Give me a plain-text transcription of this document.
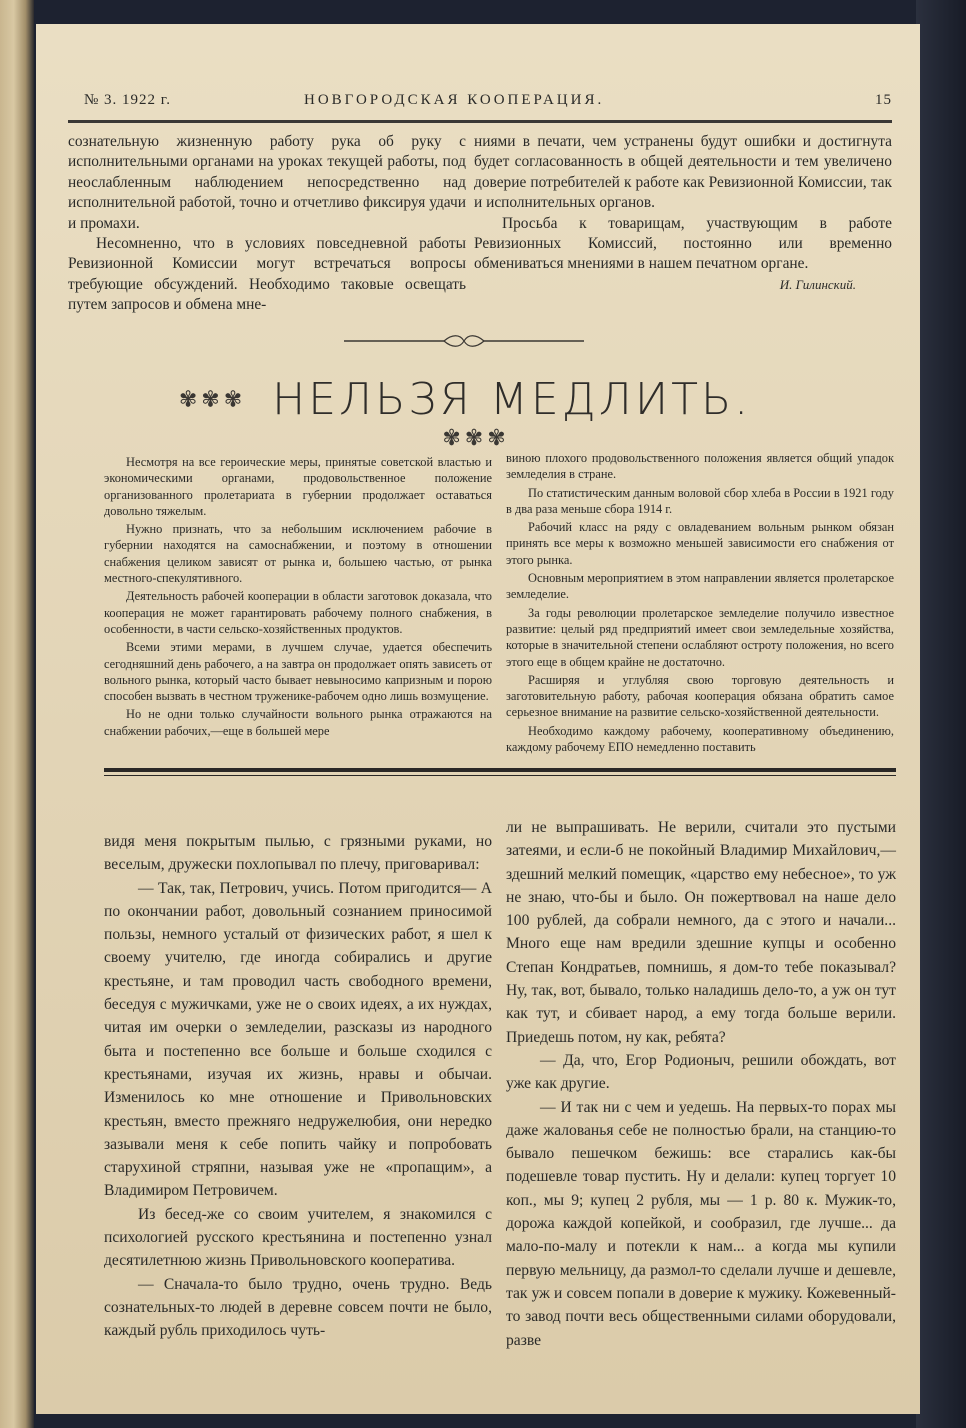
№ 3. 1922 г.	НОВГОРОДСКАЯ КООПЕРАЦИЯ.	15

сознательную жизненную работу рука об руку с исполнительными органами на уроках текущей работы, под неослабленным наблюдением непосредственно над исполнительной работой, точно и отчетливо фиксируя удачи и промахи.

Несомненно, что в условиях повседневной работы Ревизионной Комиссии могут встречаться вопросы требующие обсуждений. Необходимо таковые освещать путем запросов и обмена мне-

ниями в печати, чем устранены будут ошибки и достигнута будет согласованность в общей деятельности и тем увеличено доверие потребителей к работе как Ревизионной Комиссии, так и исполнительных органов.

Просьба к товарищам, участвующим в работе Ревизионных Комиссий, постоянно или временно обмениваться мнениями в нашем печатном органе.

И. Гилинский.
✾✾✾ НЕЛЬЗЯ МЕДЛИТЬ. ✾✾✾

Несмотря на все героические меры, принятые советской властью и экономическими органами, продовольственное положение организованного пролетариата в губернии продолжает оставаться довольно тяжелым.

Нужно признать, что за небольшим исключением рабочие в губернии находятся на самоснабжении, и поэтому в отношении снабжения целиком зависят от рынка и, большею частью, от рынка местного-спекулятивного.

Деятельность рабочей кооперации в области заготовок доказала, что кооперация не может гарантировать рабочему полного снабжения, в особенности, в части сельско-хозяйственных продуктов.

Всеми этими мерами, в лучшем случае, удается обеспечить сегодняшний день рабочего, а на завтра он продолжает опять зависеть от вольного рынка, который часто бывает невыносимо капризным и порою способен вызвать в честном труженике-рабочем одно лишь возмущение.

Но не одни только случайности вольного рынка отражаются на снабжении рабочих,—еще в большей мере

виною плохого продовольственного положения является общий упадок земледелия в стране.

По статистическим данным воловой сбор хлеба в России в 1921 году в два раза меньше сбора 1914 г.

Рабочий класс на ряду с овладеванием вольным рынком обязан принять все меры к возможно меньшей зависимости его снабжения от этого рынка.

Основным мероприятием в этом направлении является пролетарское земледелие.

За годы революции пролетарское земледелие получило известное развитие: целый ряд предприятий имеет свои земледельные хозяйства, которые в значительной степени ослабляют остроту положения, но всего этого еще в общем крайне не достаточно.

Расширяя и углубляя свою торговую деятельность и заготовительную работу, рабочая кооперация обязана обратить самое серьезное внимание на развитие сельско-хозяйственной деятельности.

Необходимо каждому рабочему, кооперативному объединению, каждому рабочему ЕПО немедленно поставить

видя меня покрытым пылью, с грязными руками, но веселым, дружески похлопывал по плечу, приговаривал:

— Так, так, Петрович, учись. Потом пригодится— А по окончании работ, довольный сознанием приносимой пользы, немного усталый от физических работ, я шел к своему учителю, где иногда собирались и другие крестьяне, и там проводил часть свободного времени, беседуя с мужичками, уже не о своих идеях, а их нуждах, читая им очерки о земледелии, разсказы из народного быта и постепенно все больше и больше сходился с крестьянами, изучая их жизнь, нравы и обычаи. Изменилось ко мне отношение и Привольновских крестьян, вместо прежняго недружелюбия, они нередко зазывали меня к себе попить чайку и попробовать старухиной стряпни, называя уже не «пропащим», а Владимиром Петровичем.

Из бесед-же со своим учителем, я знакомился с психологией русского крестьянина и постепенно узнал десятилетнюю жизнь Привольновского кооператива.

— Сначала-то было трудно, очень трудно. Ведь сознательных-то людей в деревне совсем почти не было, каждый рубль приходилось чуть-

ли не выпрашивать. Не верили, считали это пустыми затеями, и если-б не покойный Владимир Михайлович,—здешний мелкий помещик, «царство ему небесное», то уж не знаю, что-бы и было. Он пожертвовал на наше дело 100 рублей, да собрали немного, да с этого и начали... Много еще нам вредили здешние купцы и особенно Степан Кондратьев, помнишь, я дом-то тебе показывал? Ну, так, вот, бывало, только наладишь дело-то, а уж он тут как тут, и сбивает народ, а ему тогда больше верили. Приедешь потом, ну как, ребята?

— Да, что, Егор Родионыч, решили обождать, вот уже как другие.

— И так ни с чем и уедешь. На первых-то порах мы даже жалованья себе не полностью брали, на станцию-то бывало пешечком бежишь: все старались как-бы подешевле товар пустить. Ну и делали: купец торгует 10 коп., мы 9; купец 2 рубля, мы — 1 р. 80 к. Мужик-то, дорожа каждой копейкой, и сообразил, где лучше... да мало-по-малу и потекли к нам... а когда мы купили первую мельницу, да размол-то сделали лучше и дешевле, так уж и совсем попали в доверие к мужику. Кожевенный-то завод почти весь общественными силами оборудовали, разве
